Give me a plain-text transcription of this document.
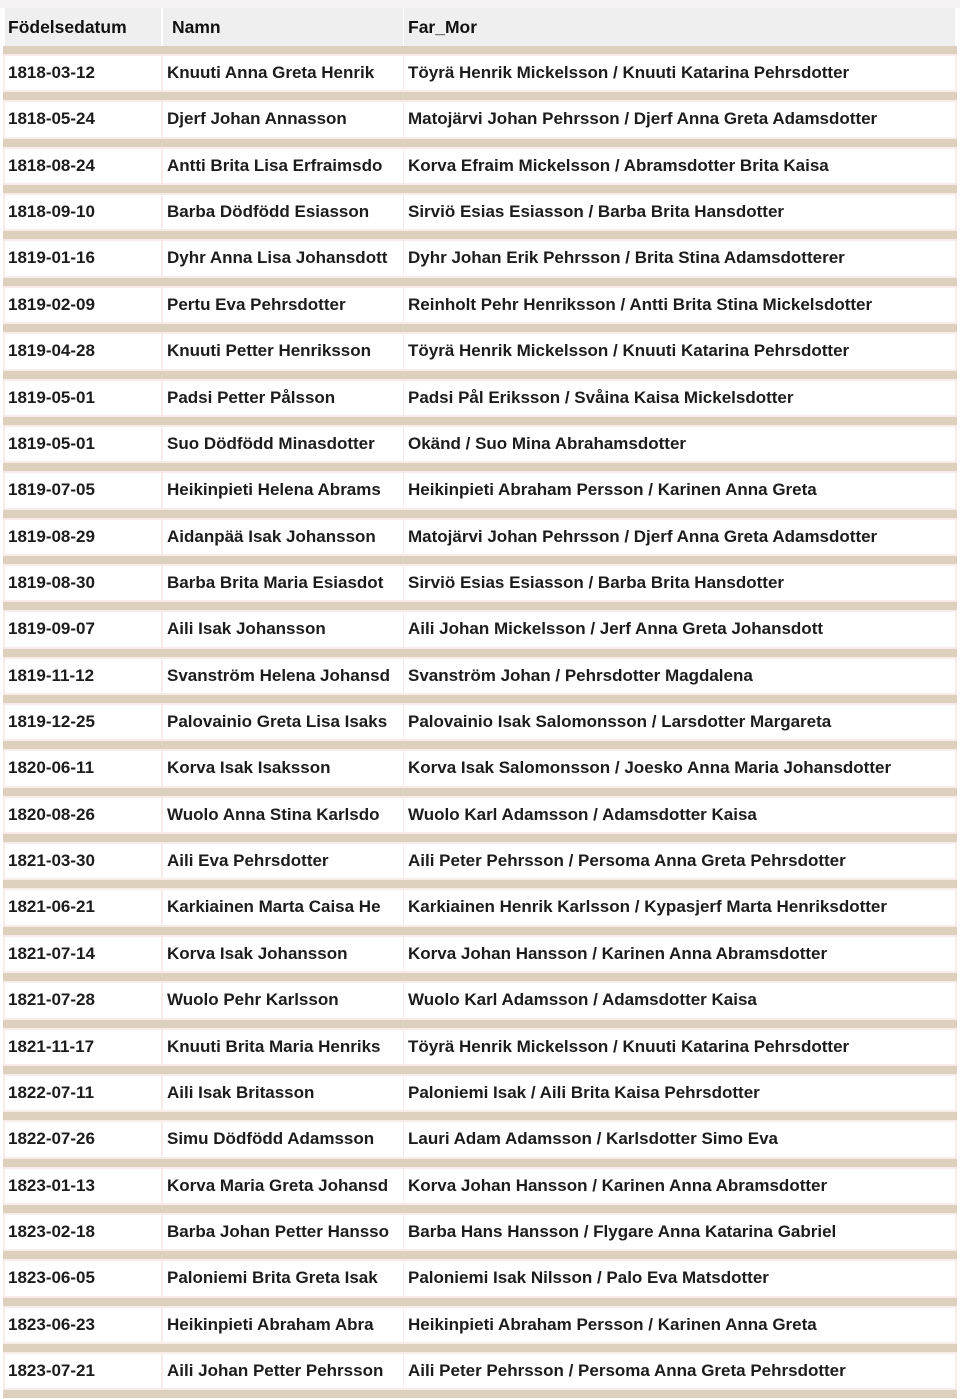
Födelsedatum	Namn	Far_Mor
1818-03-12	Knuuti Anna Greta Henrik	Töyrä Henrik Mickelsson / Knuuti Katarina Pehrsdotter
1818-05-24	Djerf Johan Annasson	Matojärvi Johan Pehrsson / Djerf Anna Greta Adamsdotter
1818-08-24	Antti Brita Lisa Erfraimsdo	Korva Efraim Mickelsson / Abramsdotter Brita Kaisa
1818-09-10	Barba Dödfödd Esiasson	Sirviö Esias Esiasson / Barba Brita Hansdotter
1819-01-16	Dyhr Anna Lisa Johansdott	Dyhr Johan Erik Pehrsson / Brita Stina Adamsdotterer
1819-02-09	Pertu Eva Pehrsdotter	Reinholt Pehr Henriksson / Antti Brita Stina Mickelsdotter
1819-04-28	Knuuti Petter Henriksson	Töyrä Henrik Mickelsson / Knuuti Katarina Pehrsdotter
1819-05-01	Padsi Petter Pålsson	Padsi Pål Eriksson / Svåina Kaisa Mickelsdotter
1819-05-01	Suo Dödfödd Minasdotter	Okänd / Suo Mina Abrahamsdotter
1819-07-05	Heikinpieti Helena Abrams	Heikinpieti Abraham Persson / Karinen Anna Greta
1819-08-29	Aidanpää Isak Johansson	Matojärvi Johan Pehrsson / Djerf Anna Greta Adamsdotter
1819-08-30	Barba Brita Maria Esiasdot	Sirviö Esias Esiasson / Barba Brita Hansdotter
1819-09-07	Aili Isak Johansson	Aili Johan Mickelsson / Jerf Anna Greta Johansdott
1819-11-12	Svanström Helena Johansd	Svanström Johan / Pehrsdotter Magdalena
1819-12-25	Palovainio Greta Lisa Isaks	Palovainio Isak Salomonsson / Larsdotter Margareta
1820-06-11	Korva Isak Isaksson	Korva Isak Salomonsson / Joesko Anna Maria Johansdotter
1820-08-26	Wuolo Anna Stina Karlsdo	Wuolo Karl Adamsson / Adamsdotter Kaisa
1821-03-30	Aili Eva Pehrsdotter	Aili Peter Pehrsson / Persoma Anna Greta Pehrsdotter
1821-06-21	Karkiainen Marta Caisa He	Karkiainen Henrik Karlsson / Kypasjerf Marta Henriksdotter
1821-07-14	Korva Isak Johansson	Korva Johan Hansson / Karinen Anna Abramsdotter
1821-07-28	Wuolo Pehr Karlsson	Wuolo Karl Adamsson / Adamsdotter Kaisa
1821-11-17	Knuuti Brita Maria Henriks	Töyrä Henrik Mickelsson / Knuuti Katarina Pehrsdotter
1822-07-11	Aili Isak Britasson	Paloniemi Isak / Aili Brita Kaisa Pehrsdotter
1822-07-26	Simu Dödfödd Adamsson	Lauri Adam Adamsson / Karlsdotter Simo Eva
1823-01-13	Korva Maria Greta Johansd	Korva Johan Hansson / Karinen Anna Abramsdotter
1823-02-18	Barba Johan Petter Hansso	Barba Hans Hansson / Flygare Anna Katarina Gabriel
1823-06-05	Paloniemi Brita Greta Isak	Paloniemi Isak Nilsson / Palo Eva Matsdotter
1823-06-23	Heikinpieti Abraham Abra	Heikinpieti Abraham Persson / Karinen Anna Greta
1823-07-21	Aili Johan Petter Pehrsson	Aili Peter Pehrsson / Persoma Anna Greta Pehrsdotter
